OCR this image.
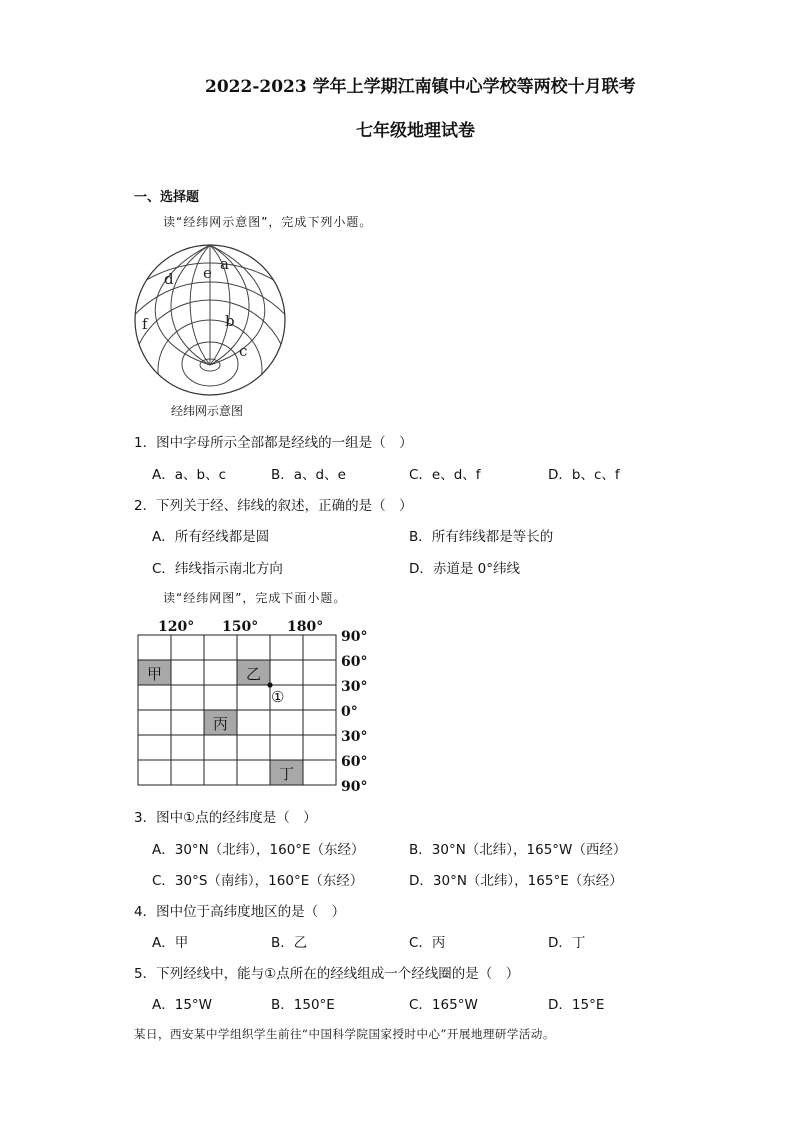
2022-2023 学年上学期江南镇中心学校等两校十月联考
七年级地理试卷
一、选择题
读“经纬网示意图”，完成下列小题。
a
e
d
b
c
f
经纬网示意图
1．图中字母所示全部都是经线的一组是（　）
A．a、b、c	B．a、d、e	C．e、d、f	D．b、c、f
2．下列关于经、纬线的叙述，正确的是（　）
A．所有经线都是圆	B．所有纬线都是等长的
C．纬线指示南北方向	D．赤道是 0°纬线
读“经纬网图”，完成下面小题。
120° 150° 180°
90°
60°
30°
0°
30°
60°
90°
甲	乙
丙
丁
①
3．图中①点的经纬度是（　）
A．30°N（北纬），160°E（东经）	B．30°N（北纬），165°W（西经）
C．30°S（南纬），160°E（东经）	D．30°N（北纬），165°E（东经）
4．图中位于高纬度地区的是（　）
A．甲	B．乙	C．丙	D．丁
5．下列经线中，能与①点所在的经线组成一个经线圈的是（　）
A．15°W	B．150°E	C．165°W	D．15°E
某日，西安某中学组织学生前往“中国科学院国家授时中心”开展地理研学活动。
